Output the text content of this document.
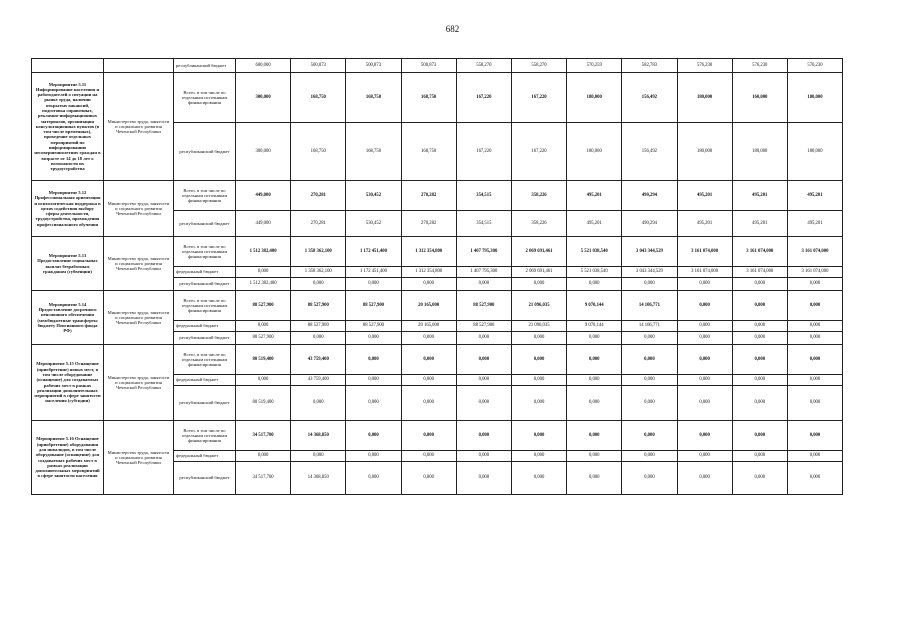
682
		республиканский бюджет	600,000	500,873	500,873	500,873	558,270	558,270	570,259	582,783	576,230	576,230	576,230
Мероприятие 5.11 Информирование населения и работодателей о ситуации на рынке труда, наличии открытых вакансий, подготовка справочных, рекламно-информационных материалов, организация консультационных пунктов (в том числе временных), проведение отдельных мероприятий по информированию несовершеннолетних граждан в возрасте от 14 до 18 лет о возможности их трудоустройства	Министерство труда, занятости и социального развития Чеченской Республики	Всего, в том числе по отдельным источникам финансирования	300,000	168,750	168,750	168,750	167,220	167,220	180,000	156,492	180,000	160,000	180,000
		республиканский бюджет	300,000	168,750	168,750	168,750	167,220	167,220	180,000	156,492	180,000	180,000	180,000
Мероприятие 5.12 Профессиональная ориентация и психологическая поддержка в целях содействия выбору сферы деятельности, трудоустройства, прохождения профессионального обучения	Министерство труда, занятости и социального развития Чеченской Республики	Всего, в том числе по отдельным источникам финансирования	449,000	270,281	530,452	270,282	354,515	358,226	495,201	490,294	495,201	495,201	495,201
		республиканский бюджет	449,000	270,281	530,452	270,282	354,515	358,226	495,201	490,294	495,201	495,201	495,201
Мероприятие 5.13 Предоставление социальных выплат безработным гражданам (субвенции)	Министерство труда, занятости и социального развития Чеченской Республики	Всего, в том числе по отдельным источникам финансирования	1 512 382,400	1 358 362,100	1 172 451,400	1 312 354,800	1 407 795,300	2 069 691,461	5 521 038,540	3 043 344,529	3 161 074,000	3 161 074,000	3 161 074,000
		федеральный бюджет	0,000	1 358 362,100	1 172 451,400	1 312 354,800	1 407 795,300	2 069 691,461	5 521 038,540	3 043 344,529	3 161 074,000	3 161 074,000	3 161 074,000
		республиканский бюджет	1 512 382,400	0,000	0,000	0,000	0,000	0,000	0,000	0,000	0,000	0,000	0,000
Мероприятие 5.14 Предоставление досрочного пенсионного обеспечения (межбюджетные трансферты бюджету Пенсионного фонда РФ)	Министерство труда, занятости и социального развития Чеченской Республики	Всего, в том числе по отдельным источникам финансирования	88 527,900	88 527,900	88 527,900	20 165,000	88 527,900	21 096,035	9 070,144	14 106,771	0,000	0,000	0,000
		федеральный бюджет	0,000	88 527,900	88 527,900	20 165,000	88 527,900	21 096,035	9 070,144	14 106,771	0,000	0,000	0,000
		республиканский бюджет	88 527,900	0,000	0,000	0,000	0,000	0,000	0,000	0,000	0,000	0,000	0,000
Мероприятие 5.15 Оснащение (приобретение) новых мест, в том числе оборудование (оснащение) для создаваемых рабочих мест в рамках реализации дополнительных мероприятий в сфере занятости населения (субсидии)	Министерство труда, занятости и социального развития Чеченской Республики	Всего, в том числе по отдельным источникам финансирования	80 519,400	43 759,400	0,000	0,000	0,000	0,000	0,000	0,000	0,000	0,000	0,000
		федеральный бюджет	0,000	43 759,400	0,000	0,000	0,000	0,000	0,000	0,000	0,000	0,000	0,000
		республиканский бюджет	80 519,400	0,000	0,000	0,000	0,000	0,000	0,000	0,000	0,000	0,000	0,000
Мероприятие 5.16 Оснащение (приобретение) оборудования для инвалидов, в том числе оборудование (оснащение) для создаваемых рабочих мест в рамках реализации дополнительных мероприятий в сфере занятости населения	Министерство труда, занятости и социального развития Чеченской Республики	Всего, в том числе по отдельным источникам финансирования	34 517,700	14 368,850	0,000	0,000	0,000	0,000	0,000	0,000	0,000	0,000	0,000
		федеральный бюджет	0,000	0,000	0,000	0,000	0,000	0,000	0,000	0,000	0,000	0,000	0,000
		республиканский бюджет	34 517,700	14 368,850	0,000	0,000	0,000	0,000	0,000	0,000	0,000	0,000	0,000
